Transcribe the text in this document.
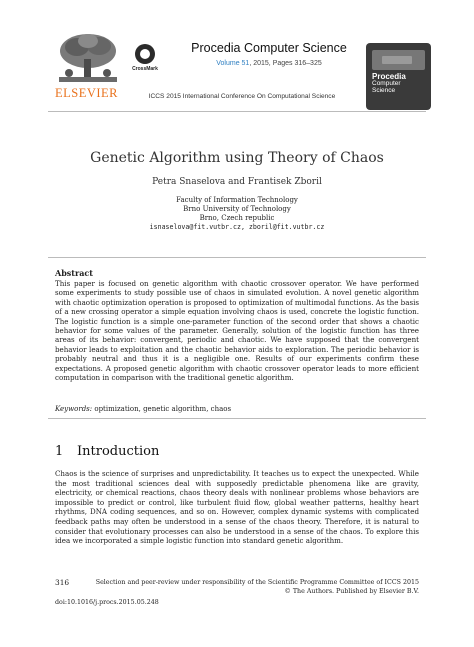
ELSEVIER
CrossMark
Procedia Computer Science
Volume 51, 2015, Pages 316–325
ICCS 2015 International Conference On Computational Science
Procedia
Computer
Science
Genetic Algorithm using Theory of Chaos
Petra Snaselova and Frantisek Zboril
Faculty of Information Technology
Brno University of Technology
Brno, Czech republic
isnaselova@fit.vutbr.cz, zboril@fit.vutbr.cz
Abstract

This paper is focused on genetic algorithm with chaotic crossover operator. We have performed some experiments to study possible use of chaos in simulated evolution. A novel genetic algorithm with chaotic optimization operation is proposed to optimization of multimodal functions. As the basis of a new crossing operator a simple equation involving chaos is used, concrete the logistic function. The logistic function is a simple one-parameter function of the second order that shows a chaotic behavior for some values of the parameter. Generally, solution of the logistic function has three areas of its behavior: convergent, periodic and chaotic. We have supposed that the convergent behavior leads to exploitation and the chaotic behavior aids to exploration. The periodic behavior is probably neutral and thus it is a negligible one. Results of our experiments confirm these expectations. A proposed genetic algorithm with chaotic crossover operator leads to more efficient computation in comparison with the traditional genetic algorithm.

Keywords: optimization, genetic algorithm, chaos
1 Introduction

Chaos is the science of surprises and unpredictability. It teaches us to expect the unexpected. While the most traditional sciences deal with supposedly predictable phenomena like are gravity, electricity, or chemical reactions, chaos theory deals with nonlinear problems whose behaviors are impossible to predict or control, like turbulent fluid flow, global weather patterns, healthy heart rhythms, DNA coding sequences, and so on. However, complex dynamic systems with complicated feedback paths may often be understood in a sense of the chaos theory. Therefore, it is natural to consider that evolutionary processes can also be understood in a sense of the chaos. To explore this idea we incorporated a simple logistic function into standard genetic algorithm.

316	Selection and peer-review under responsibility of the Scientific Programme Committee of ICCS 2015
© The Authors. Published by Elsevier B.V.
doi:10.1016/j.procs.2015.05.248
